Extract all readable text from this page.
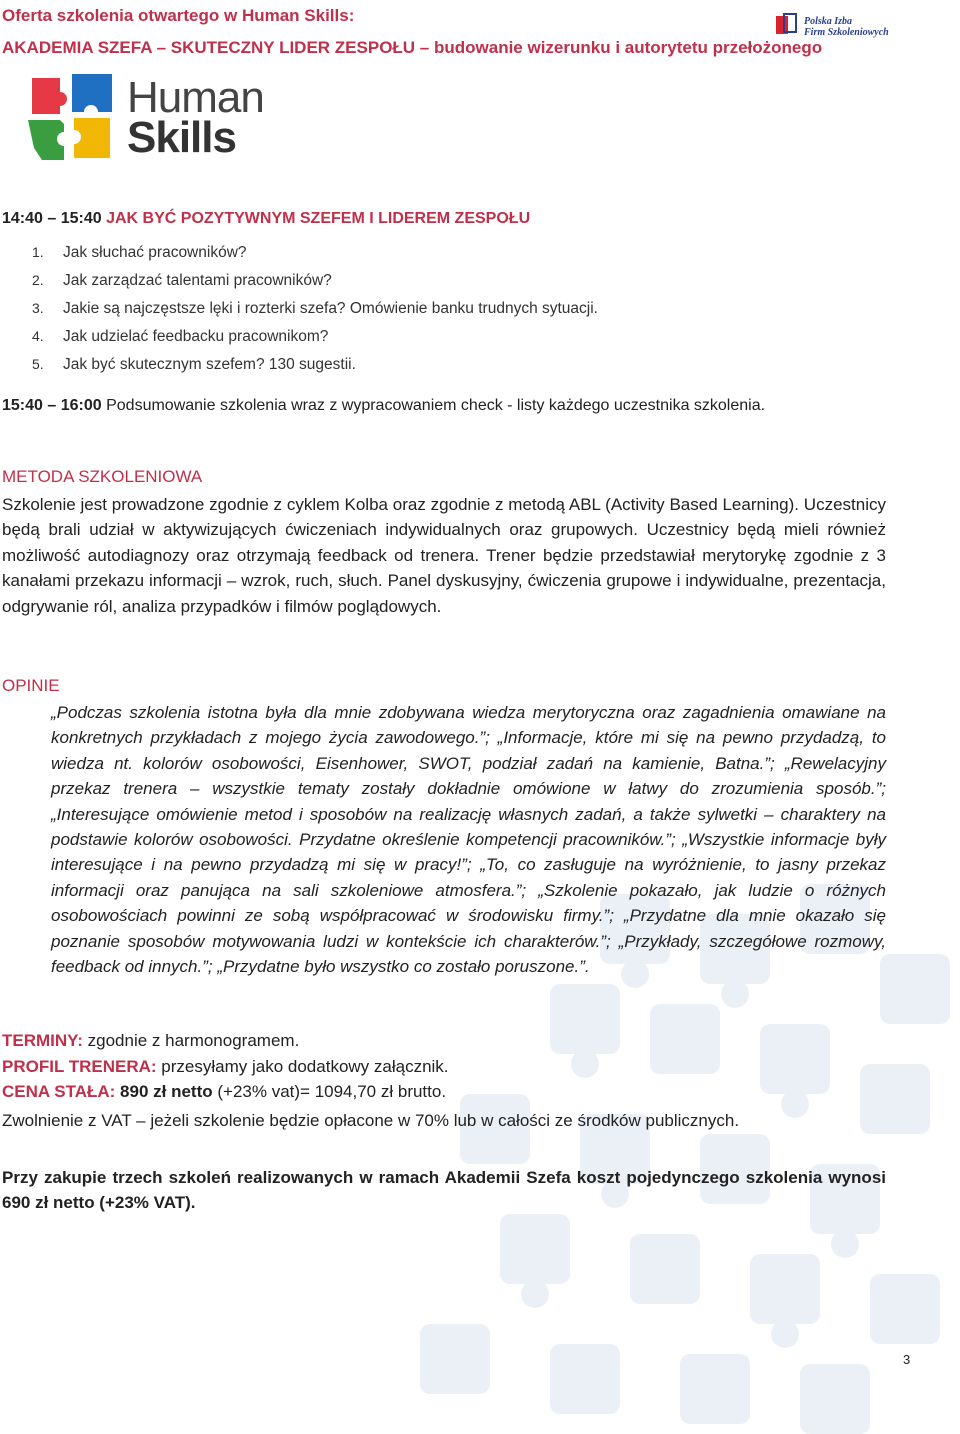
Oferta szkolenia otwartego w Human Skills:
AKADEMIA SZEFA – SKUTECZNY LIDER ZESPOŁU – budowanie wizerunku i autorytetu przełożonego
Polska Izba
Firm Szkoleniowych
Human
Skills
14:40 – 15:40 JAK BYĆ POZYTYWNYM SZEFEM I LIDEREM ZESPOŁU
1. Jak słuchać pracowników?
2. Jak zarządzać talentami pracowników?
3. Jakie są najczęstsze lęki i rozterki szefa? Omówienie banku trudnych sytuacji.
4. Jak udzielać feedbacku pracownikom?
5. Jak być skutecznym szefem? 130 sugestii.
15:40 – 16:00 Podsumowanie szkolenia wraz z wypracowaniem check - listy każdego uczestnika szkolenia.
METODA SZKOLENIOWA
Szkolenie jest prowadzone zgodnie z cyklem Kolba oraz zgodnie z metodą ABL (Activity Based Learning). Uczestnicy będą brali udział w aktywizujących ćwiczeniach indywidualnych oraz grupowych. Uczestnicy będą mieli również możliwość autodiagnozy oraz otrzymają feedback od trenera. Trener będzie przedstawiał merytorykę zgodnie z 3 kanałami przekazu informacji – wzrok, ruch, słuch. Panel dyskusyjny, ćwiczenia grupowe i indywidualne, prezentacja, odgrywanie ról, analiza przypadków i filmów poglądowych.
OPINIE
„Podczas szkolenia istotna była dla mnie zdobywana wiedza merytoryczna oraz zagadnienia omawiane na konkretnych przykładach z mojego życia zawodowego.”; „Informacje, które mi się na pewno przydadzą, to wiedza nt. kolorów osobowości, Eisenhower, SWOT, podział zadań na kamienie, Batna.”; „Rewelacyjny przekaz trenera – wszystkie tematy zostały dokładnie omówione w łatwy do zrozumienia sposób.”; „Interesujące omówienie metod i sposobów na realizację własnych zadań, a także sylwetki – charaktery na podstawie kolorów osobowości. Przydatne określenie kompetencji pracowników.”; „Wszystkie informacje były interesujące i na pewno przydadzą mi się w pracy!”; „To, co zasługuje na wyróżnienie, to jasny przekaz informacji oraz panująca na sali szkoleniowe atmosfera.”; „Szkolenie pokazało, jak ludzie o różnych osobowościach powinni ze sobą współpracować w środowisku firmy.”; „Przydatne dla mnie okazało się poznanie sposobów motywowania ludzi w kontekście ich charakterów.”; „Przykłady, szczegółowe rozmowy, feedback od innych.”; „Przydatne było wszystko co zostało poruszone.”.
TERMINY: zgodnie z harmonogramem.
PROFIL TRENERA: przesyłamy jako dodatkowy załącznik.
CENA STAŁA: 890 zł netto (+23% vat)= 1094,70 zł brutto.
Zwolnienie z VAT – jeżeli szkolenie będzie opłacone w 70% lub w całości ze środków publicznych.
Przy zakupie trzech szkoleń realizowanych w ramach Akademii Szefa koszt pojedynczego szkolenia wynosi 690 zł netto (+23% VAT).
3
